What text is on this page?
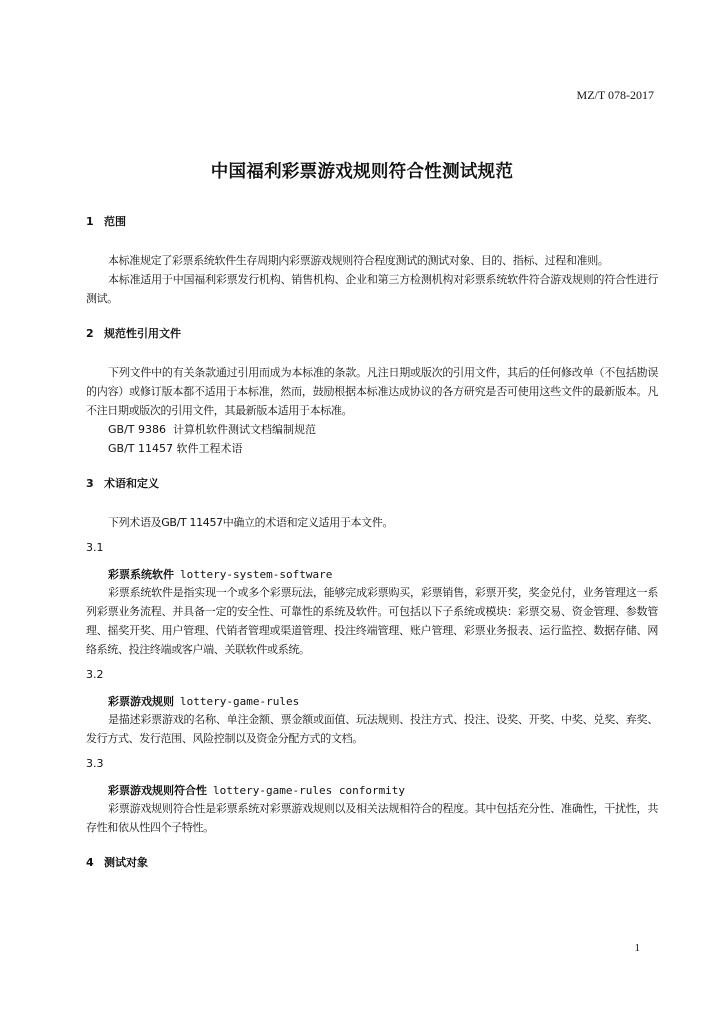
MZ/T 078-2017
中国福利彩票游戏规则符合性测试规范
1 范围

本标准规定了彩票系统软件生存周期内彩票游戏规则符合程度测试的测试对象、目的、指标、过程和准则。

本标准适用于中国福利彩票发行机构、销售机构、企业和第三方检测机构对彩票系统软件符合游戏规则的符合性进行测试。

2 规范性引用文件

下列文件中的有关条款通过引用而成为本标准的条款。凡注日期或版次的引用文件，其后的任何修改单（不包括勘误的内容）或修订版本都不适用于本标准，然而，鼓励根据本标准达成协议的各方研究是否可使用这些文件的最新版本。凡不注日期或版次的引用文件，其最新版本适用于本标准。

GB/T 9386  计算机软件测试文档编制规范

GB/T 11457 软件工程术语

3 术语和定义

下列术语及GB/T 11457中确立的术语和定义适用于本文件。

3.1
彩票系统软件 lottery-system-software

彩票系统软件是指实现一个或多个彩票玩法，能够完成彩票购买，彩票销售，彩票开奖，奖金兑付，业务管理这一系列彩票业务流程、并具备一定的安全性、可靠性的系统及软件。可包括以下子系统或模块：彩票交易、资金管理、参数管理、摇奖开奖、用户管理、代销者管理或渠道管理、投注终端管理、账户管理、彩票业务报表、运行监控、数据存储、网络系统、投注终端或客户端、关联软件或系统。

3.2
彩票游戏规则 lottery-game-rules

是描述彩票游戏的名称、单注金额、票金额或面值、玩法规则、投注方式、投注、设奖、开奖、中奖、兑奖、弃奖、发行方式、发行范围、风险控制以及资金分配方式的文档。

3.3
彩票游戏规则符合性 lottery-game-rules conformity

彩票游戏规则符合性是彩票系统对彩票游戏规则以及相关法规相符合的程度。其中包括充分性、准确性，干扰性，共存性和依从性四个子特性。

4 测试对象
1
